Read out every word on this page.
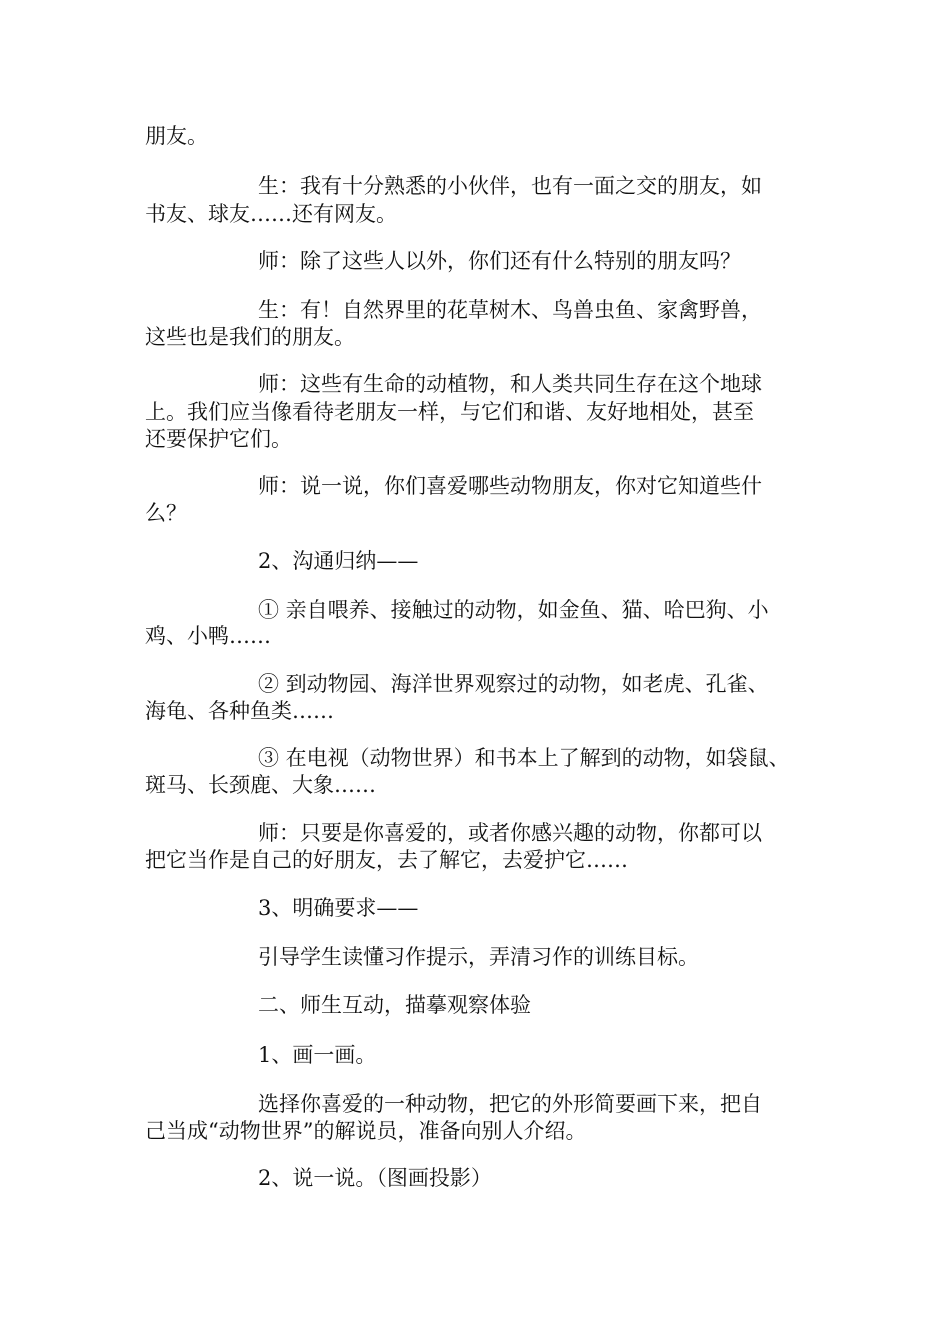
朋友。

生：我有十分熟悉的小伙伴，也有一面之交的朋友，如

书友、球友……还有网友。

师：除了这些人以外，你们还有什么特别的朋友吗？

生：有！自然界里的花草树木、鸟兽虫鱼、家禽野兽，

这些也是我们的朋友。

师：这些有生命的动植物，和人类共同生存在这个地球

上。我们应当像看待老朋友一样，与它们和谐、友好地相处，甚至

还要保护它们。

师：说一说，你们喜爱哪些动物朋友，你对它知道些什

么？

2、沟通归纳——

① 亲自喂养、接触过的动物，如金鱼、猫、哈巴狗、小

鸡、小鸭……

② 到动物园、海洋世界观察过的动物，如老虎、孔雀、

海龟、各种鱼类……

③ 在电视（动物世界）和书本上了解到的动物，如袋鼠、

斑马、长颈鹿、大象……

师：只要是你喜爱的，或者你感兴趣的动物，你都可以

把它当作是自己的好朋友，去了解它，去爱护它……

3、明确要求——

引导学生读懂习作提示，弄清习作的训练目标。

二、师生互动，描摹观察体验

1、画一画。

选择你喜爱的一种动物，把它的外形简要画下来，把自

己当成“动物世界”的解说员，准备向别人介绍。

2、说一说。（图画投影）
